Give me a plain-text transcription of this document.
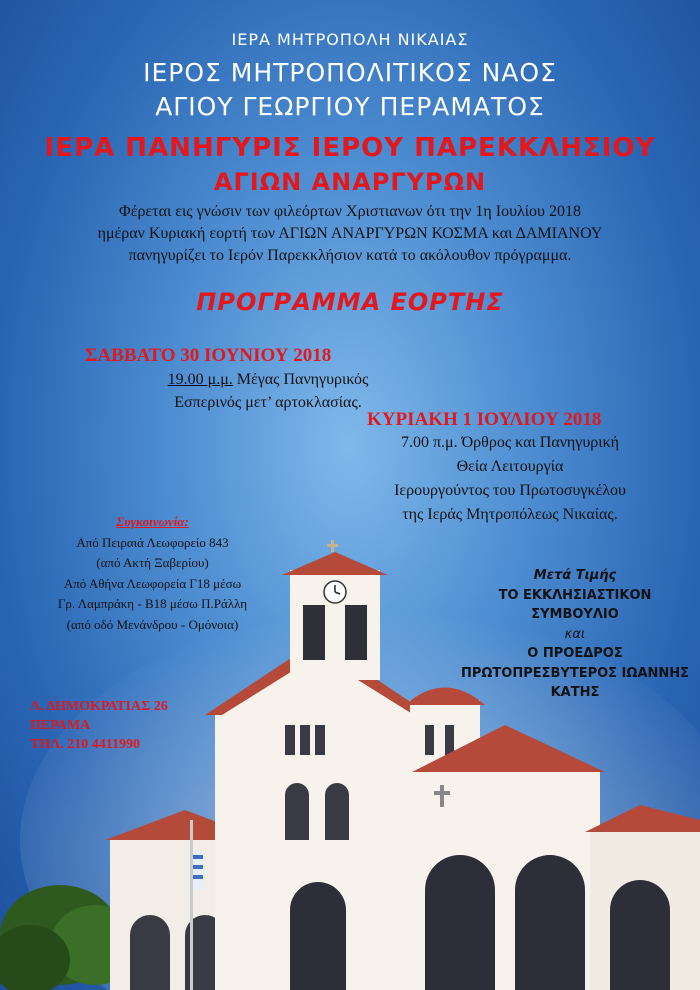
ΙΕΡΑ ΜΗΤΡΟΠΟΛΗ ΝΙΚΑΙΑΣ
ΙΕΡΟΣ ΜΗΤΡΟΠΟΛΙΤΙΚΟΣ ΝΑΟΣ
ΑΓΙΟΥ ΓΕΩΡΓΙΟΥ ΠΕΡΑΜΑΤΟΣ
ΙΕΡΑ ΠΑΝΗΓΥΡΙΣ ΙΕΡΟΥ ΠΑΡΕΚΚΛΗΣΙΟΥ
ΑΓΙΩΝ ΑΝΑΡΓΥΡΩΝ
Φέρεται εις γνώσιν των φιλεόρτων Χριστιανων ότι την 1η Ιουλίου 2018
ημέραν Κυριακή εορτή των ΑΓΙΩΝ ΑΝΑΡΓΥΡΩΝ ΚΟΣΜΑ και ΔΑΜΙΑΝΟΥ
πανηγυρίζει το Ιερόν Παρεκκλήσιον κατά το ακόλουθον πρόγραμμα.
ΠΡΟΓΡΑΜΜΑ ΕΟΡΤΗΣ
ΣΑΒΒΑΤΟ 30 ΙΟΥΝΙΟΥ 2018
19.00 μ.μ. Μέγας Πανηγυρικός
Εσπερινός μετ’ αρτοκλασίας.
ΚΥΡΙΑΚΗ 1 ΙΟΥΛΙΟΥ 2018
7.00 π.μ. Όρθρος και Πανηγυρική
Θεία Λειτουργία
Ιερουργούντος του Πρωτοσυγκέλου
της Ιεράς Μητροπόλεως Νικαίας.
Συγκοινωνία:
Από Πειραιά Λεωφορείο 843
(από Ακτή Ξαβερίου)
Από Αθήνα Λεωφορεία Γ18 μέσω
Γρ. Λαμπράκη - Β18 μέσω Π.Ράλλη
(από οδό Μενάνδρου - Ομόνοια)
Μετά Τιμής
ΤΟ ΕΚΚΛΗΣΙΑΣΤΙΚΟΝ
ΣΥΜΒΟΥΛΙΟ
και
Ο ΠΡΟΕΔΡΟΣ
ΠΡΩΤΟΠΡΕΣΒΥΤΕΡΟΣ ΙΩΑΝΝΗΣ
ΚΑΤΗΣ
Λ. ΔΗΜΟΚΡΑΤΙΑΣ 26
ΠΕΡΑΜΑ
ΤΗΛ. 210 4411990
